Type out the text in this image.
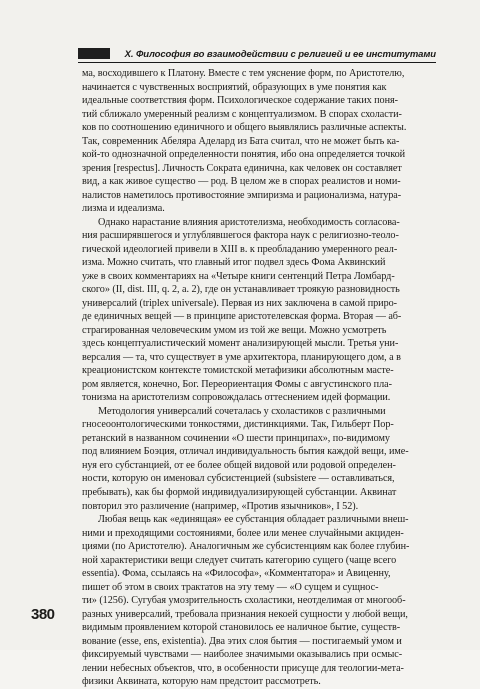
X. Философия во взаимодействии с религией и ее институтами
ма, восходившего к Платону. Вместе с тем уяснение форм, по Аристотелю,
начинается с чувственных восприятий, образующих в уме понятия как
идеальные соответствия форм. Психологическое содержание таких поня-
тий сближало умеренный реализм с концептуализмом. В спорах схоласти-
ков по соотношению единичного и общего выявлялись различные аспекты.
Так, современник Абеляра Аделард из Бата считал, что не может быть ка-
кой-то однозначной определенности понятия, ибо она определяется точкой
зрения [respectus]. Личность Сократа единична, как человек он составляет
вид, а как живое существо — род. В целом же в спорах реалистов и номи-
налистов наметилось противостояние эмпиризма и рационализма, натура-
лизма и идеализма.
Однако нарастание влияния аристотелизма, необходимость согласова-
ния расширявшегося и углублявшегося фактора наук с религиозно-теоло-
гической идеологией привели в XIII в. к преобладанию умеренного реал-
изма. Можно считать, что главный итог подвел здесь Фома Аквинский
уже в своих комментариях на «Четыре книги сентенций Петра Ломбард-
ского» (II, dist. III, q. 2, a. 2), где он устанавливает троякую разновидность
универсалий (triplex universale). Первая из них заключена в самой приро-
де единичных вещей — в принципе аристотелевская форма. Вторая — аб-
страгированная человеческим умом из той же вещи. Можно усмотреть
здесь концептуалистический момент анализирующей мысли. Третья уни-
версалия — та, что существует в уме архитектора, планирующего дом, а в
креационистском контексте томистской метафизики абсолютным масте-
ром является, конечно, Бог. Переориентация Фомы с августинского пла-
тонизма на аристотелизм сопровождалась оттеснением идей формации.
Методология универсалий сочеталась у схоластиков с различными
гносеоонтологическими тонкостями, дистинкциями. Так, Гильберт Пор-
ретанский в названном сочинении «О шести принципах», по-видимому
под влиянием Боэция, отличал индивидуальность бытия каждой вещи, име-
нуя его субстанцией, от ее более общей видовой или родовой определен-
ности, которую он именовал субсистенцией (subsistere — оставливаться,
пребывать), как бы формой индивидуализирующей субстанции. Аквинат
повторил это различение (например, «Против язычников», I 52).
Любая вещь как «единящая» ее субстанция обладает различными внеш-
ними и преходящими состояниями, более или менее случайными акциден-
циями (по Аристотелю). Аналогичным же субсистенциям как более глубин-
ной характеристики вещи следует считать категорию сущего (чаще всего
essentia). Фома, ссылаясь на «Философа», «Комментатора» и Авиценну,
пишет об этом в своих трактатов на эту тему — «О сущем и сущнос-
ти» (1256). Сугубая умозрительность схоластики, неотделимая от многооб-
разных универсалий, требовала признания некоей сущности у любой вещи,
видимым проявлением которой становилось ее наличное бытие, существ-
вование (esse, ens, existentia). Два этих слоя бытия — постигаемый умом и
фиксируемый чувствами — наиболее значимыми оказывались при осмыс-
лении небесных объектов, что, в особенности присуще для теологии-мета-
физики Аквината, которую нам предстоит рассмотреть.
380
